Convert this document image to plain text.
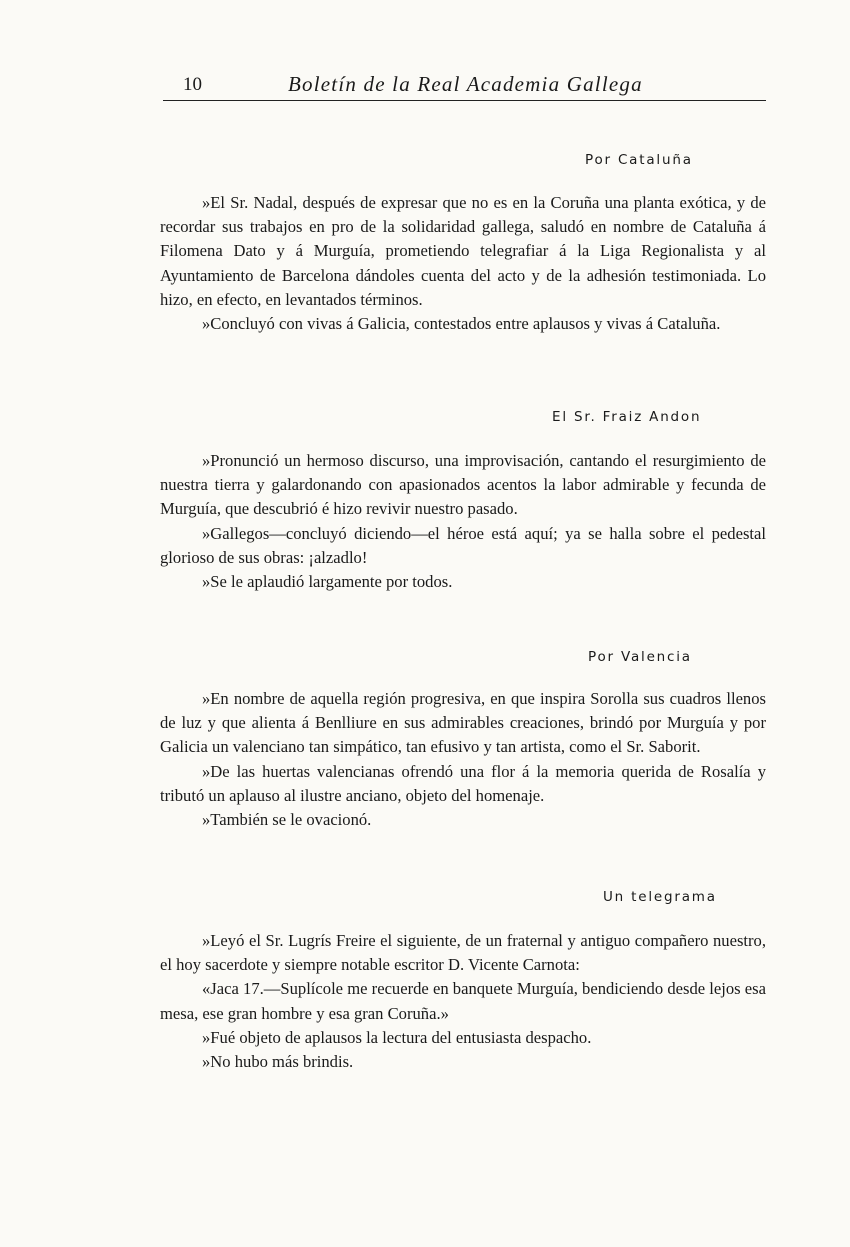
10	Boletín de la Real Academia Gallega
Por Cataluña

»El Sr. Nadal, después de expresar que no es en la Coruña una planta exótica, y de recordar sus trabajos en pro de la solidaridad gallega, saludó en nombre de Cataluña á Filomena Dato y á Murguía, prometiendo telegrafiar á la Liga Regionalista y al Ayuntamiento de Barcelona dándoles cuenta del acto y de la adhesión testimoniada. Lo hizo, en efecto, en levantados términos.

»Concluyó con vivas á Galicia, contestados entre aplausos y vivas á Cataluña.

El Sr. Fraiz Andon

»Pronunció un hermoso discurso, una improvisación, cantando el resurgimiento de nuestra tierra y galardonando con apasionados acentos la labor admirable y fecunda de Murguía, que descubrió é hizo revivir nuestro pasado.

»Gallegos—concluyó diciendo—el héroe está aquí; ya se halla sobre el pedestal glorioso de sus obras: ¡alzadlo!

»Se le aplaudió largamente por todos.

Por Valencia

»En nombre de aquella región progresiva, en que inspira Sorolla sus cuadros llenos de luz y que alienta á Benlliure en sus admirables creaciones, brindó por Murguía y por Galicia un valenciano tan simpático, tan efusivo y tan artista, como el Sr. Saborit.

»De las huertas valencianas ofrendó una flor á la memoria querida de Rosalía y tributó un aplauso al ilustre anciano, objeto del homenaje.

»También se le ovacionó.

Un telegrama

»Leyó el Sr. Lugrís Freire el siguiente, de un fraternal y antiguo compañero nuestro, el hoy sacerdote y siempre notable escritor D. Vicente Carnota:

«Jaca 17.—Suplícole me recuerde en banquete Murguía, bendiciendo desde lejos esa mesa, ese gran hombre y esa gran Coruña.»

»Fué objeto de aplausos la lectura del entusiasta despacho.

»No hubo más brindis.
